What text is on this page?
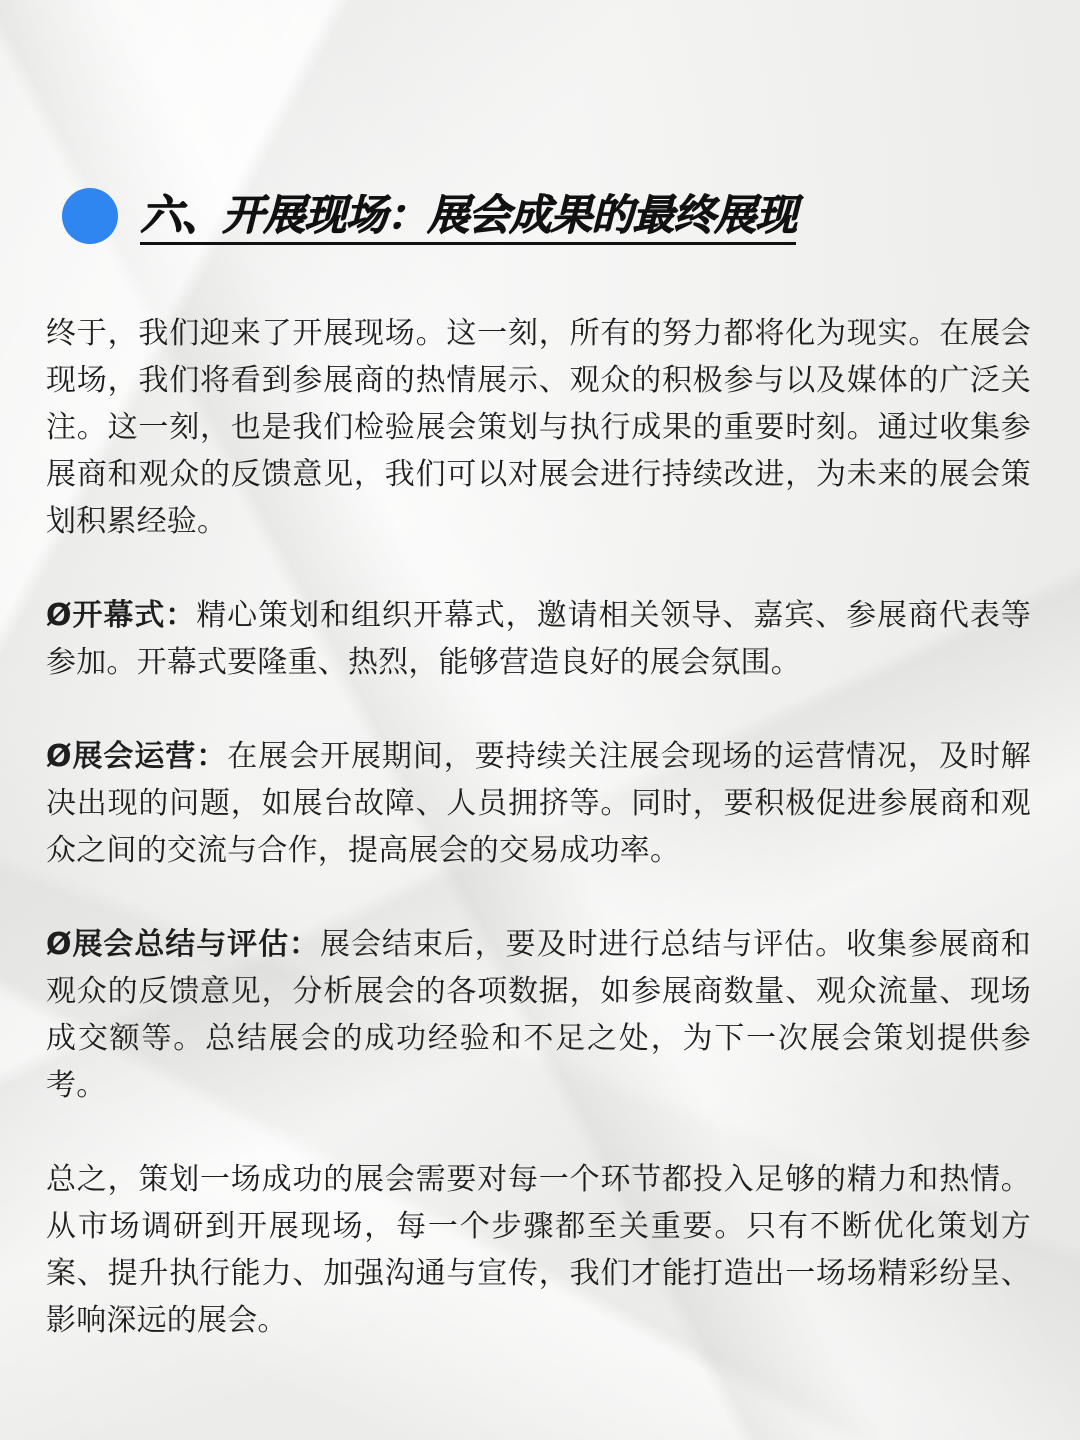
六、开展现场：展会成果的最终展现

终于，我们迎来了开展现场。这一刻，所有的努力都将化为现实。在展会现场，我们将看到参展商的热情展示、观众的积极参与以及媒体的广泛关注。这一刻，也是我们检验展会策划与执行成果的重要时刻。通过收集参展商和观众的反馈意见，我们可以对展会进行持续改进，为未来的展会策划积累经验。

Ø开幕式：精心策划和组织开幕式，邀请相关领导、嘉宾、参展商代表等参加。开幕式要隆重、热烈，能够营造良好的展会氛围。

Ø展会运营：在展会开展期间，要持续关注展会现场的运营情况，及时解决出现的问题，如展台故障、人员拥挤等。同时，要积极促进参展商和观众之间的交流与合作，提高展会的交易成功率。

Ø展会总结与评估：展会结束后，要及时进行总结与评估。收集参展商和观众的反馈意见，分析展会的各项数据，如参展商数量、观众流量、现场成交额等。总结展会的成功经验和不足之处，为下一次展会策划提供参考。

总之，策划一场成功的展会需要对每一个环节都投入足够的精力和热情。从市场调研到开展现场，每一个步骤都至关重要。只有不断优化策划方案、提升执行能力、加强沟通与宣传，我们才能打造出一场场精彩纷呈、影响深远的展会。
